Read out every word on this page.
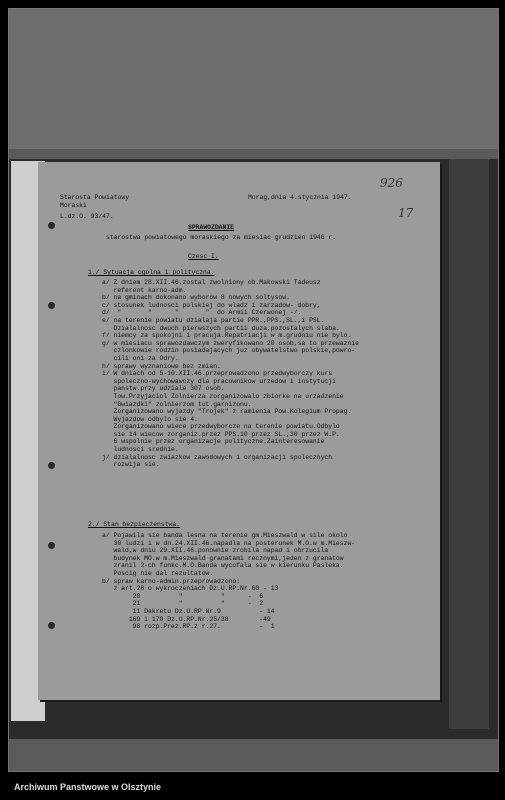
Starosta Powiatowy
Moraski
L.dz.O. 93/47.
Morag,dnia 4.stycznia 1947.
926
17
SPRAWOZDANIE
starostwa powiatowego moraskiego za miesiac grudzien 1946 r.
Czesc I.
1./ Sytuacja ogolna i polityczna.
a/ Z dniem 28.XII.46.zostal zwolniony ob.Makowski Tadeusz
referent karno-adm.
b/ na gminach dokonano wyborow 8 nowych soltysow.
c/ stosunek ludnosci polskiej do wladz i zarzadow- dobry,
d/  "       "      "       "  do Armii Czerwonej -/.
e/ na terenie powiatu dzialaja partie PPR.,PPS.,SL.,i PSL.
Dzialalnosc dwuch pierwszych partii duza,pozostalych slaba.
f/ niemcy za spokojni i pracuja.Repatriacji w m.grudniu nie bylo.
g/ w miesiacu sprawozdawczym zweryfikowano 20 osob,sa to przewaznie
czlonkowie rodzin posiadajacych juz obywatelstwo polskie,powro-
cili oni za Odry.
h/ sprawy wyznaniowe bez zmian.
i/ W dniach od 5-10.XII.46.przeprowadzono przedwyborczy kurs
spoleczno-wychowawczy dla pracownikow urzedow i instytucji
panstw.przy udziale 307 osob.
Tow.Przyjaciol Zolnierza zorganizowalo zbiorke na urzadzenie
"Gwiazdki" zolnierzom tut.garnizonu.
Zorganizowano wyjazdy "Trojek" z ramienia Pow.Kolegium Propag.
Wyjazdow odbylo sie 4.
Zorganizowano wiece przedwyborcze na terenie powiatu.Odbylo
sie 14 wiecow zorganiz.przez PPS.10 przez SL.,30 przez W.P.
6 wspolnie przez organizacje polityczne.Zainteresowanie
ludnosci srednie.
j/ dzialalnosc zwiazkow zawodowych i organizacji spolecznych
rozwija sie.
2./ Stan bezpieczenstwa.
a/ Pojawila sie banda lesna na terenie gm.Mieszwald w sile okolo
30 ludzi i w dn.24.XII.46.napadla na posterunek M.O.w m.Mieszw-
wald,w dniu 29.XII.46.ponownie zrobila napad i obrzucila
budynek MO.w m.Mieszwald granatami recznymi,jeden z granatow
zranil 2-ch funkc.M.O.Banda wycofala sie w kierunku Pasleka.
Poscig nie dal rezultatow.
b/ spraw karno-admin.przeprowadzono:
z art.28 o wykroczeniach Dz.U.RP.Nr.60 - 13
20          "          "      -  6
21          "          "      -  2
11 Dekretu Dz.U.RP.Nr.9          - 14
169 i 170 Dz.U.RP.Nr.25/38        -49
98 rozp.Prez.RP.z r.27.          -  1
Archiwum Panstwowe w Olsztynie
